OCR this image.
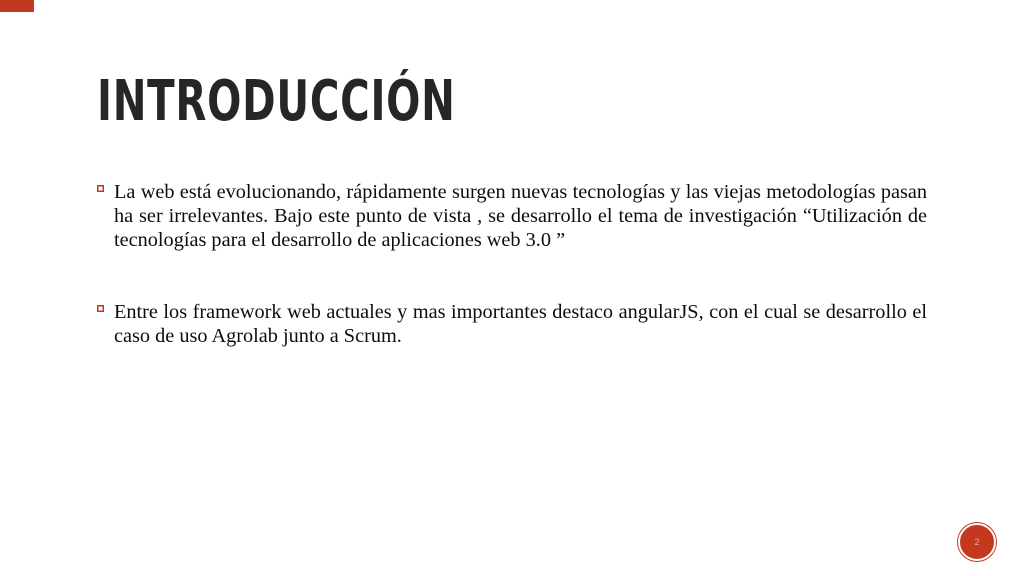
INTRODUCCIÓN
La web está evolucionando, rápidamente surgen nuevas tecnologías y las viejas metodologías pasan ha ser irrelevantes. Bajo este punto de vista , se desarrollo el tema de investigación “Utilización de tecnologías para el desarrollo de aplicaciones web 3.0 ”
Entre los framework web actuales y mas importantes destaco angularJS, con el cual se desarrollo el caso de uso Agrolab junto a Scrum.
2
